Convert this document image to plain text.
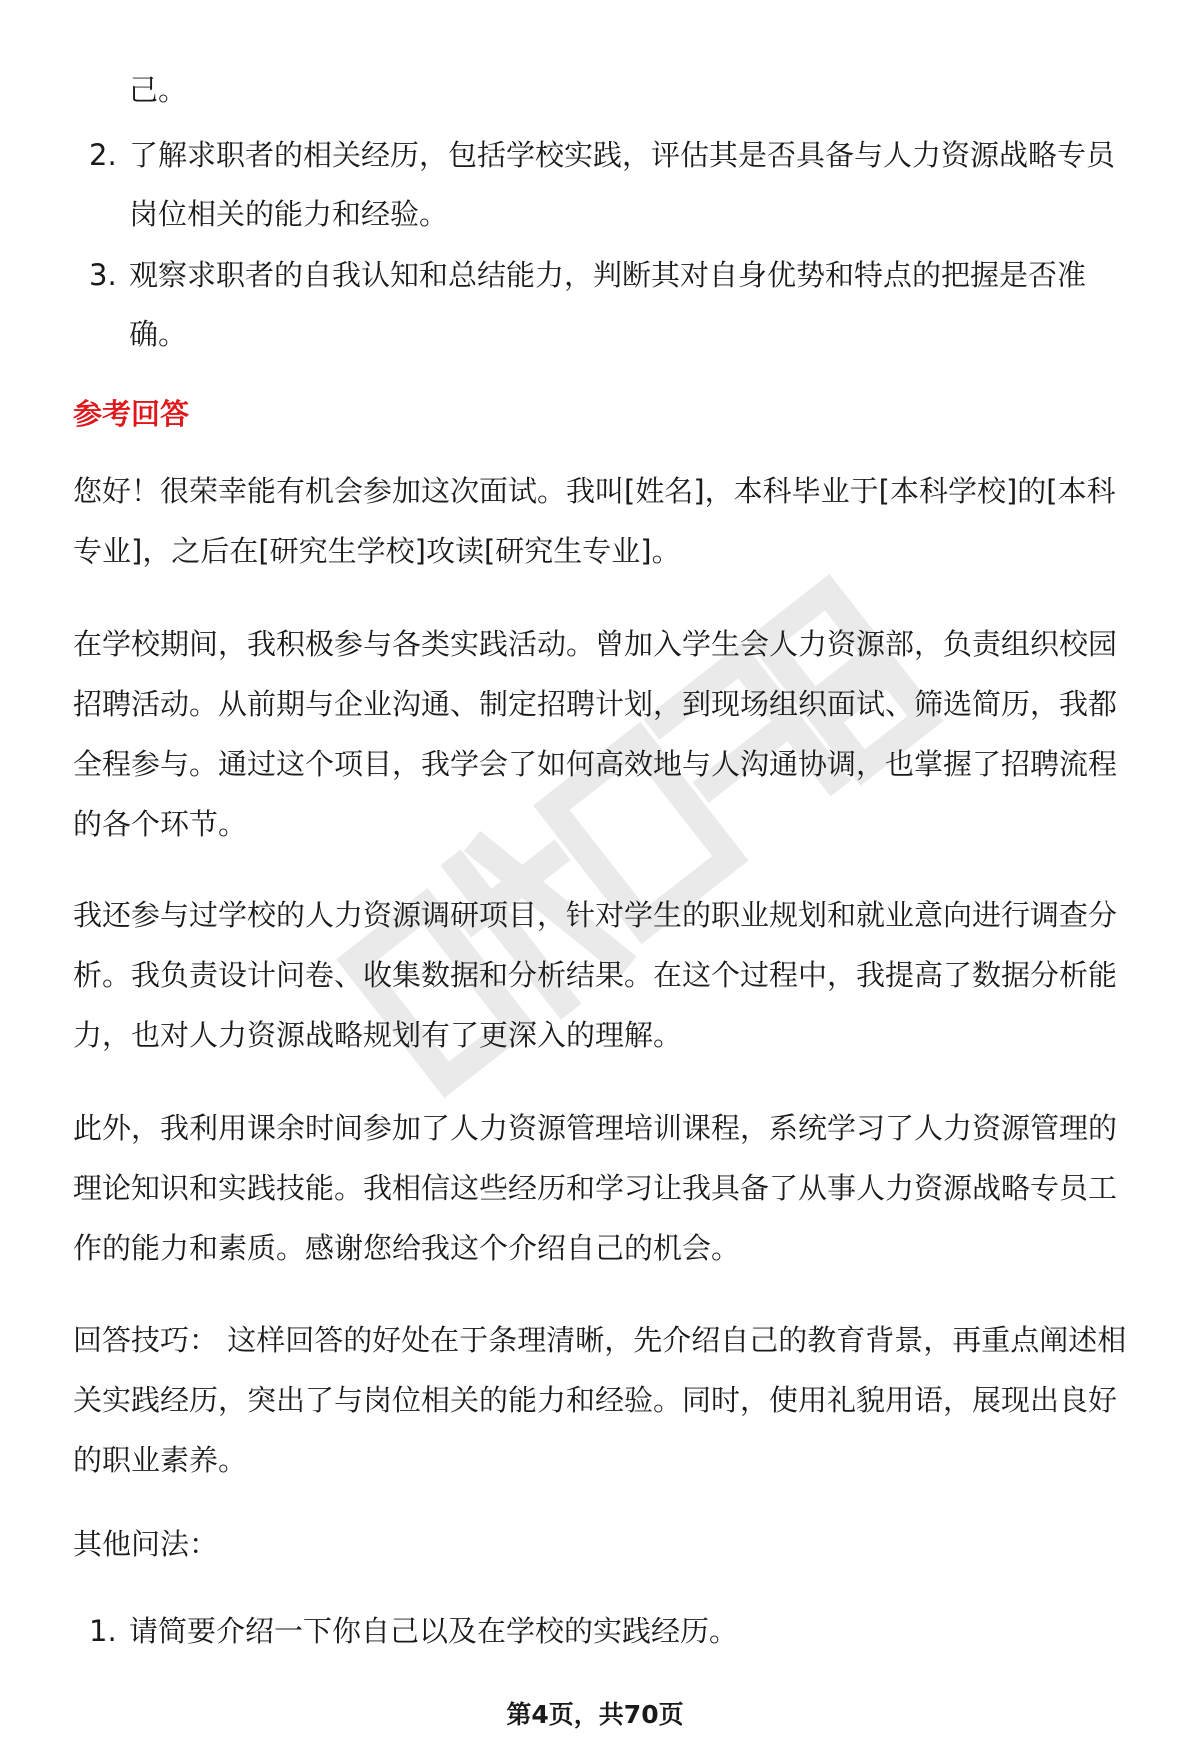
己。
2. 了解求职者的相关经历，包括学校实践，评估其是否具备与人力资源战略专员
岗位相关的能力和经验。
3. 观察求职者的自我认知和总结能力，判断其对自身优势和特点的把握是否准
确。
参考回答
您好！很荣幸能有机会参加这次面试。我叫[姓名]，本科毕业于[本科学校]的[本科
专业]，之后在[研究生学校]攻读[研究生专业]。
在学校期间，我积极参与各类实践活动。曾加入学生会人力资源部，负责组织校园
招聘活动。从前期与企业沟通、制定招聘计划，到现场组织面试、筛选简历，我都
全程参与。通过这个项目，我学会了如何高效地与人沟通协调，也掌握了招聘流程
的各个环节。
我还参与过学校的人力资源调研项目，针对学生的职业规划和就业意向进行调查分
析。我负责设计问卷、收集数据和分析结果。在这个过程中，我提高了数据分析能
力，也对人力资源战略规划有了更深入的理解。
此外，我利用课余时间参加了人力资源管理培训课程，系统学习了人力资源管理的
理论知识和实践技能。我相信这些经历和学习让我具备了从事人力资源战略专员工
作的能力和素质。感谢您给我这个介绍自己的机会。
回答技巧： 这样回答的好处在于条理清晰，先介绍自己的教育背景，再重点阐述相
关实践经历，突出了与岗位相关的能力和经验。同时，使用礼貌用语，展现出良好
的职业素养。
其他问法：
1. 请简要介绍一下你自己以及在学校的实践经历。
第4页，共70页
